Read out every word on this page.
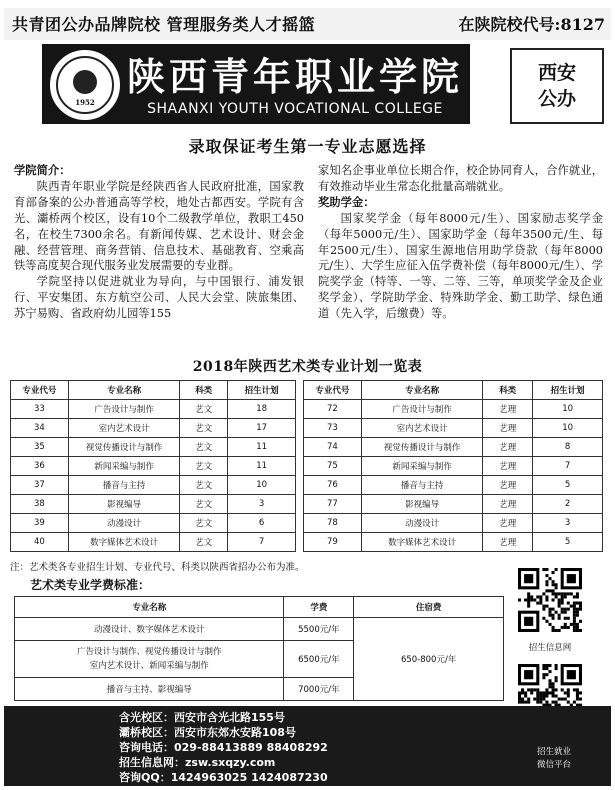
共青团公办品牌院校 管理服务类人才摇篮	在陕院校代号:8127
1952
陕西青年职业学院
SHAANXI YOUTH VOCATIONAL COLLEGE
西安
公办
录取保证考生第一专业志愿选择

学院简介：

陕西青年职业学院是经陕西省人民政府批准，国家教育部备案的公办普通高等学校，地处古都西安。学院有含光、灞桥两个校区，设有10个二级教学单位，教职工450名，在校生7300余名。有新闻传媒、艺术设计、财会金融、经营管理、商务营销、信息技术、基础教育、空乘高铁等高度契合现代服务业发展需要的专业群。

学院坚持以促进就业为导向，与中国银行、浦发银行、平安集团、东方航空公司、人民大会堂、陕旅集团、苏宁易购、省政府幼儿园等155

家知名企事业单位长期合作，校企协同育人，合作就业，有效推动毕业生常态化批量高端就业。

奖助学金：

国家奖学金（每年8000元/生）、国家励志奖学金（每年5000元/生）、国家助学金（每年3500元/生、每年2500元/生）、国家生源地信用助学贷款（每年8000元/生）、大学生应征入伍学费补偿（每年8000元/生）、学院奖学金（特等、一等、二等、三等，单项奖学金及企业奖学金）、学院助学金、特殊助学金、勤工助学、绿色通道（先入学，后缴费）等。

2018年陕西艺术类专业计划一览表
专业代号	专业名称	科类	招生计划
33	广告设计与制作	艺文	18
34	室内艺术设计	艺文	17
35	视觉传播设计与制作	艺文	11
36	新闻采编与制作	艺文	11
37	播音与主持	艺文	10
38	影视编导	艺文	3
39	动漫设计	艺文	6
40	数字媒体艺术设计	艺文	7
专业代号	专业名称	科类	招生计划
72	广告设计与制作	艺理	10
73	室内艺术设计	艺理	10
74	视觉传播设计与制作	艺理	8
75	新闻采编与制作	艺理	7
76	播音与主持	艺理	5
77	影视编导	艺理	2
78	动漫设计	艺理	3
79	数字媒体艺术设计	艺理	5
注：艺术类各专业招生计划、专业代号、科类以陕西省招办公布为准。
艺术类专业学费标准：
专业名称	学费	住宿费
动漫设计、数字媒体艺术设计	5500元/年	650-800元/年

广告设计与制作、视觉传播设计与制作
室内艺术设计、新闻采编与制作	6500元/年	
播音与主持、影视编导	7000元/年	
招生信息网

含光校区：西安市含光北路155号

灞桥校区：西安市东郊水安路108号

咨询电话：029-88413889 88408292

招生信息网：zsw.sxqzy.com

咨询QQ：1424963025 1424087230

招生就业
微信平台
